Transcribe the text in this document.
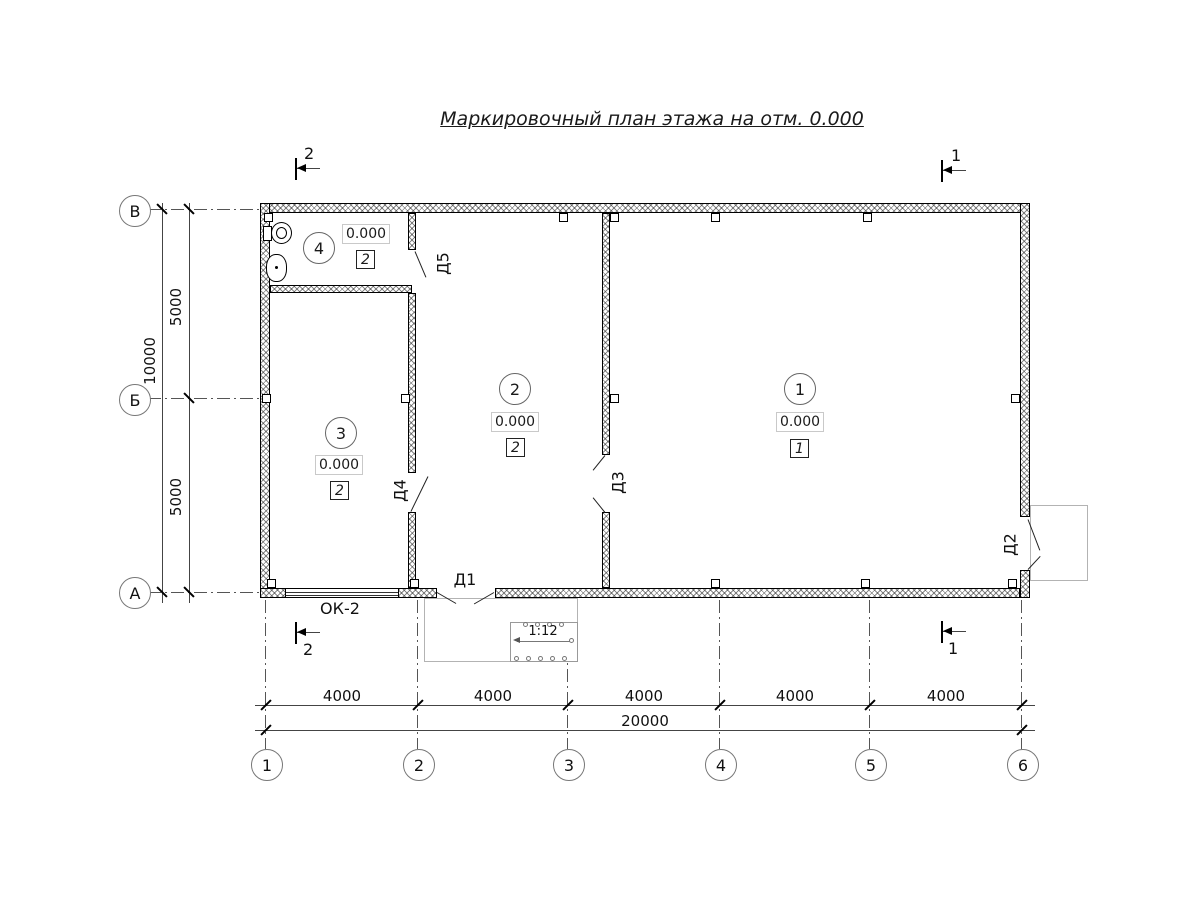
Маркировочный план этажа на отм. 0.000
10000
5000
5000
4000	4000	4000	4000	4000
20000
В
Б
А
1	2	3	4	5	6
1:12
Д1
Д2
Д3
Д4
Д5
ОК-2
1
0.000
1
2
0.000
2
3
0.000
2
4
0.000
2
2	1
2	1
